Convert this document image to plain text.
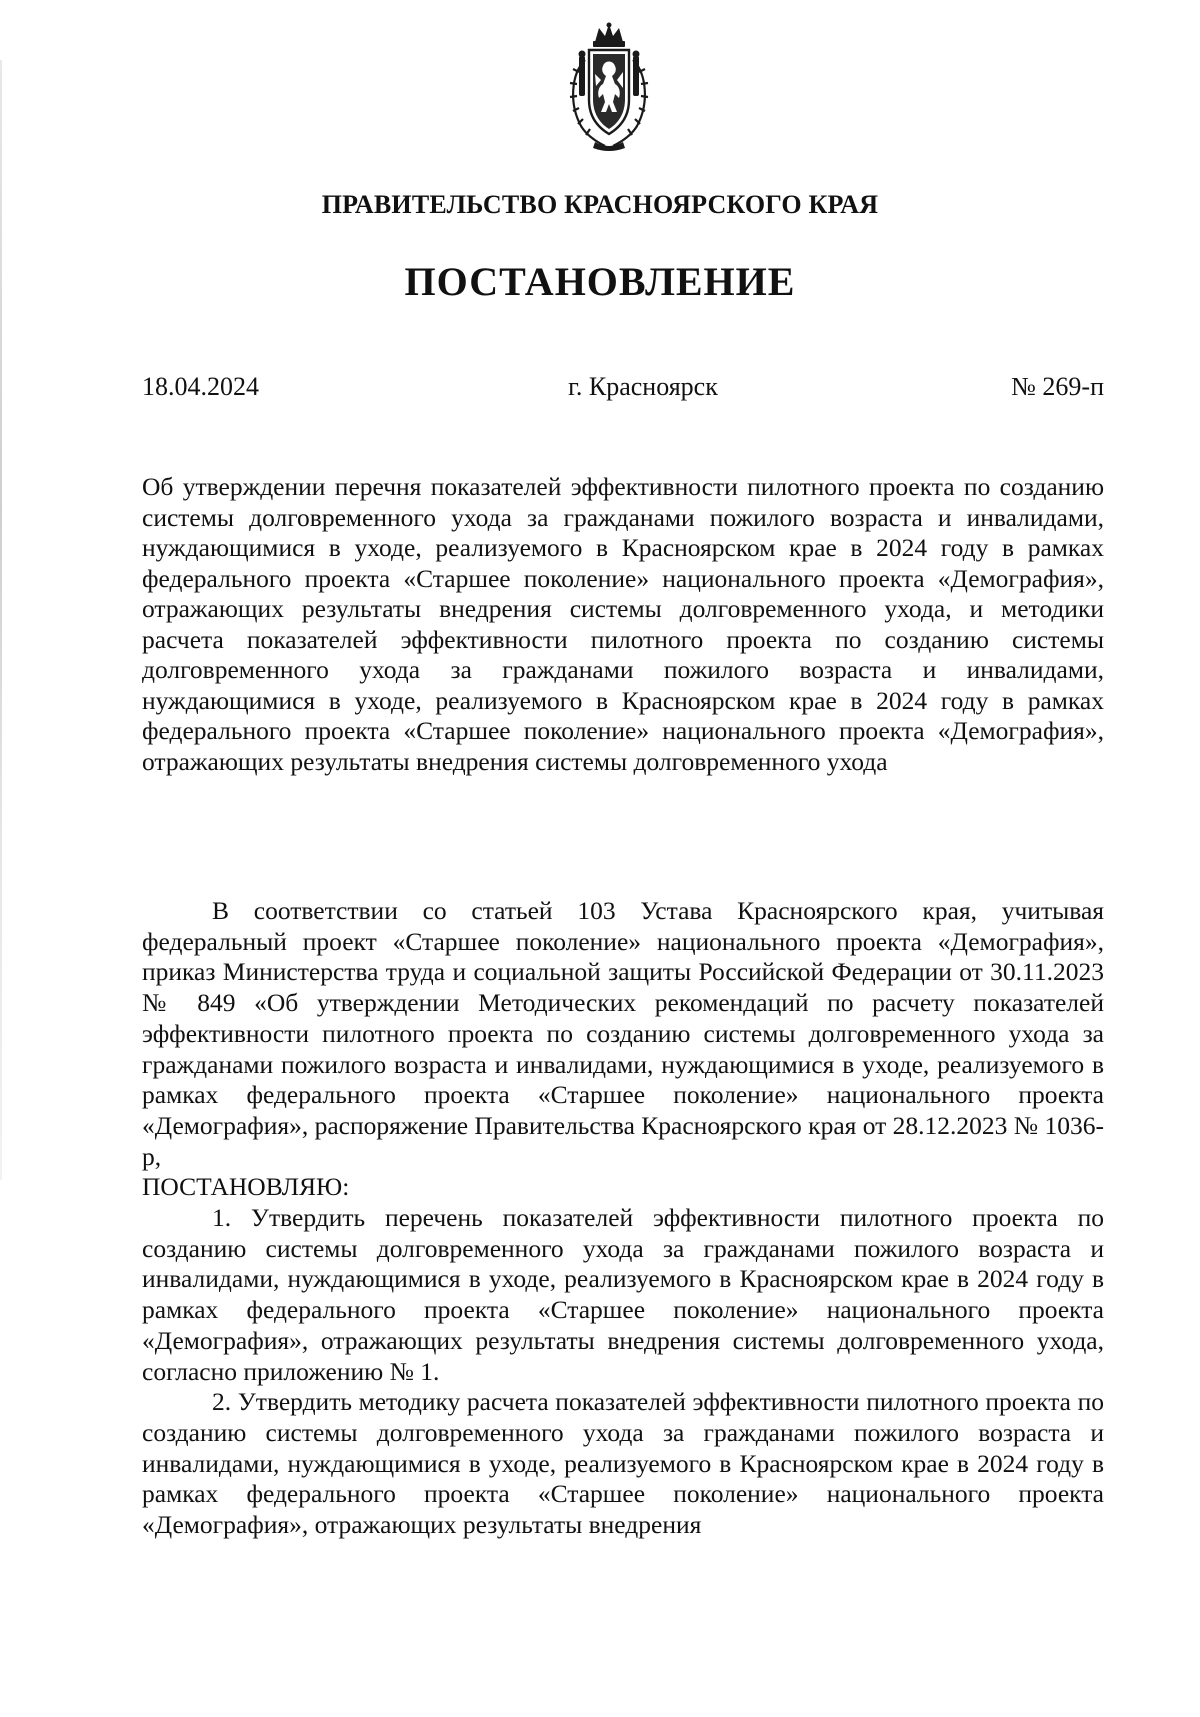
ПРАВИТЕЛЬСТВО КРАСНОЯРСКОГО КРАЯ
ПОСТАНОВЛЕНИЕ
18.04.2024	г. Красноярск	№ 269-п
Об утверждении перечня показателей эффективности пилотного проекта по созданию системы долговременного ухода за гражданами пожилого возраста и инвалидами, нуждающимися в уходе, реализуемого в Красноярском крае в 2024 году в рамках федерального проекта «Старшее поколение» национального проекта «Демография», отражающих результаты внедрения системы долговременного ухода, и методики расчета показателей эффективности пилотного проекта по созданию системы долговременного ухода за гражданами пожилого возраста и инвалидами, нуждающимися в уходе, реализуемого в Красноярском крае в 2024 году в рамках федерального проекта «Старшее поколение» национального проекта «Демография», отражающих результаты внедрения системы долговременного ухода

В соответствии со статьей 103 Устава Красноярского края, учитывая федеральный проект «Старшее поколение» национального проекта «Демография», приказ Министерства труда и социальной защиты Российской Федерации от 30.11.2023 № 849 «Об утверждении Методических рекомендаций по расчету показателей эффективности пилотного проекта по созданию системы долговременного ухода за гражданами пожилого возраста и инвалидами, нуждающимися в уходе, реализуемого в рамках федерального проекта «Старшее поколение» национального проекта «Демография», распоряжение Правительства Красноярского края от 28.12.2023 № 1036-р,

ПОСТАНОВЛЯЮ:

1. Утвердить перечень показателей эффективности пилотного проекта по созданию системы долговременного ухода за гражданами пожилого возраста и инвалидами, нуждающимися в уходе, реализуемого в Красноярском крае в 2024 году в рамках федерального проекта «Старшее поколение» национального проекта «Демография», отражающих результаты внедрения системы долговременного ухода, согласно приложению № 1.

2. Утвердить методику расчета показателей эффективности пилотного проекта по созданию системы долговременного ухода за гражданами пожилого возраста и инвалидами, нуждающимися в уходе, реализуемого в Красноярском крае в 2024 году в рамках федерального проекта «Старшее поколение» национального проекта «Демография», отражающих результаты внедрения
